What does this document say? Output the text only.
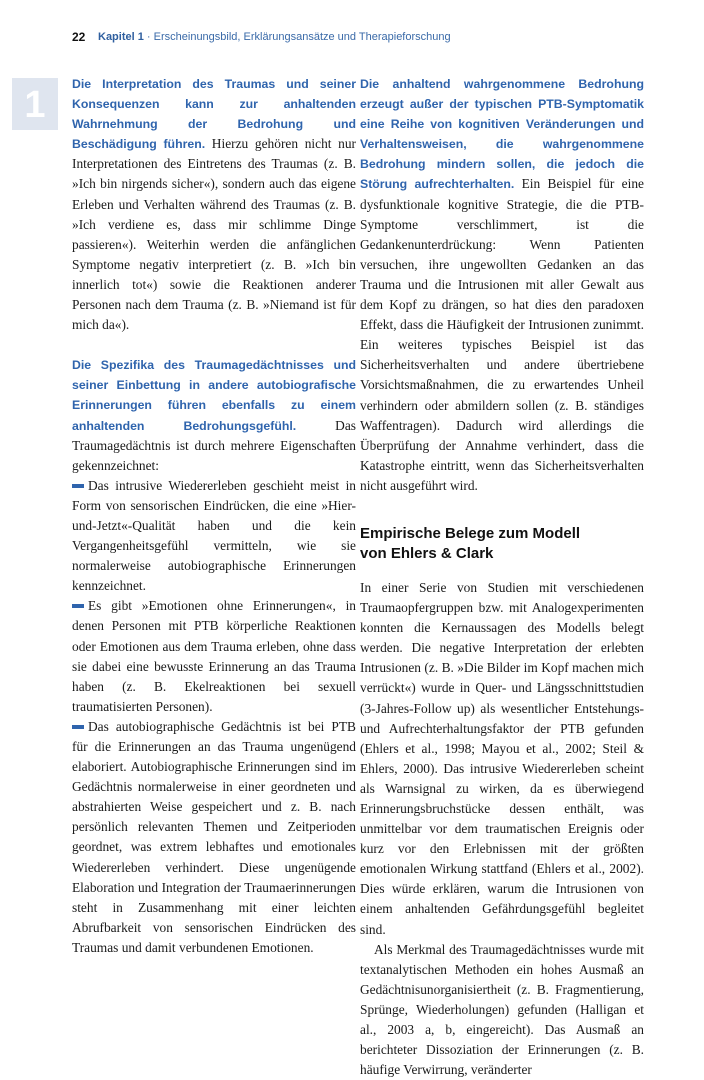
22 Kapitel 1 · Erscheinungsbild, Erklärungsansätze und Therapieforschung
1	Die Interpretation des Traumas und seiner Konsequenzen kann zur anhaltenden Wahrnehmung der Bedrohung und Beschädigung führen. Hierzu gehören nicht nur Interpretationen des Eintretens des Traumas (z. B. »Ich bin nirgends sicher«), sondern auch das eigene Erleben und Verhalten während des Traumas (z. B. »Ich verdiene es, dass mir schlimme Dinge passieren«). Weiterhin werden die anfänglichen Symptome negativ interpretiert (z. B. »Ich bin innerlich tot«) sowie die Reaktionen anderer Personen nach dem Trauma (z. B. »Niemand ist für mich da«).

Die Spezifika des Traumagedächtnisses und seiner Einbettung in andere autobiografische Erinnerungen führen ebenfalls zu einem anhaltenden Bedrohungsgefühl. Das Traumagedächtnis ist durch mehrere Eigenschaften gekennzeichnet:

Das intrusive Wiedererleben geschieht meist in Form von sensorischen Eindrücken, die eine »Hier-und-Jetzt«-Qualität haben und die kein Vergangenheitsgefühl vermitteln, wie sie normalerweise autobiographische Erinnerungen kennzeichnet.

Es gibt »Emotionen ohne Erinnerungen«, in denen Personen mit PTB körperliche Reaktionen oder Emotionen aus dem Trauma erleben, ohne dass sie dabei eine bewusste Erinnerung an das Trauma haben (z. B. Ekelreaktionen bei sexuell traumatisierten Personen).

Das autobiographische Gedächtnis ist bei PTB für die Erinnerungen an das Trauma ungenügend elaboriert. Autobiographische Erinnerungen sind im Gedächtnis normalerweise in einer geordneten und abstrahierten Weise gespeichert und z. B. nach persönlich relevanten Themen und Zeitperioden geordnet, was extrem lebhaftes und emotionales Wiedererleben verhindert. Diese ungenügende Elaboration und Integration der Traumaerinnerungen steht in Zusammenhang mit einer leichten Abrufbarkeit von sensorischen Eindrücken des Traumas und damit verbundenen Emotionen.

Die anhaltend wahrgenommene Bedrohung erzeugt außer der typischen PTB-Symptomatik eine Reihe von kognitiven Veränderungen und Verhaltensweisen, die wahrgenommene Bedrohung mindern sollen, die jedoch die Störung aufrechterhalten. Ein Beispiel für eine dysfunktionale kognitive Strategie, die die PTB-Symptome verschlimmert, ist die Gedankenunterdrückung: Wenn Patienten versuchen, ihre ungewollten Gedanken an das Trauma und die Intrusionen mit aller Gewalt aus dem Kopf zu drängen, so hat dies den paradoxen Effekt, dass die Häufigkeit der Intrusionen zunimmt. Ein weiteres typisches Beispiel ist das Sicherheitsverhalten und andere übertriebene Vorsichtsmaßnahmen, die zu erwartendes Unheil verhindern oder abmildern sollen (z. B. ständiges Waffentragen). Dadurch wird allerdings die Überprüfung der Annahme verhindert, dass die Katastrophe eintritt, wenn das Sicherheitsverhalten nicht ausgeführt wird.

Empirische Belege zum Modell
von Ehlers & Clark

In einer Serie von Studien mit verschiedenen Traumaopfergruppen bzw. mit Analogexperimenten konnten die Kernaussagen des Modells belegt werden. Die negative Interpretation der erlebten Intrusionen (z. B. »Die Bilder im Kopf machen mich verrückt«) wurde in Quer- und Längsschnittstudien (3-Jahres-Follow up) als wesentlicher Entstehungs- und Aufrechterhaltungsfaktor der PTB gefunden (Ehlers et al., 1998; Mayou et al., 2002; Steil & Ehlers, 2000). Das intrusive Wiedererleben scheint als Warnsignal zu wirken, da es überwiegend Erinnerungsbruchstücke dessen enthält, was unmittelbar vor dem traumatischen Ereignis oder kurz vor den Erlebnissen mit der größten emotionalen Wirkung stattfand (Ehlers et al., 2002). Dies würde erklären, warum die Intrusionen von einem anhaltenden Gefährdungsgefühl begleitet sind.

Als Merkmal des Traumagedächtnisses wurde mit textanalytischen Methoden ein hohes Ausmaß an Gedächtnisunorganisiertheit (z. B. Fragmentierung, Sprünge, Wiederholungen) gefunden (Halligan et al., 2003 a, b, eingereicht). Das Ausmaß an berichteter Dissoziation der Erinnerungen (z. B. häufige Verwirrung, veränderter
